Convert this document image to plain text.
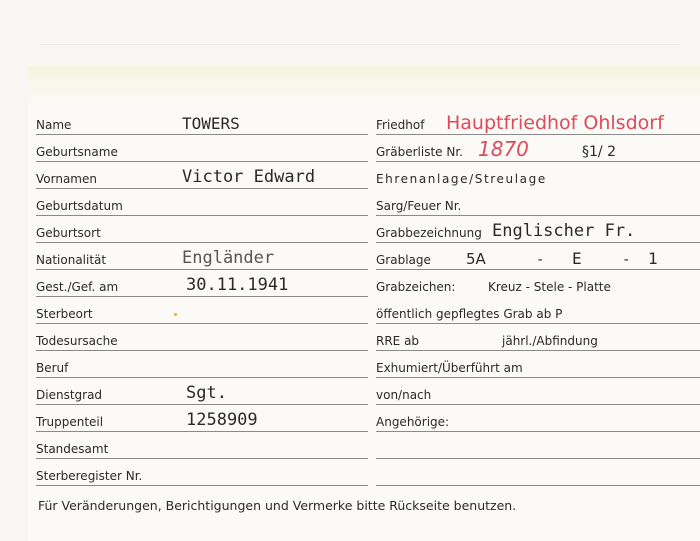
Name	TOWERS
Geburtsname
Vornamen	Victor Edward
Geburtsdatum
Geburtsort
Nationalität	Engländer
Gest./Gef. am	30.11.1941
Sterbeort
Todesursache
Beruf
Dienstgrad	Sgt.
Truppenteil	1258909
Standesamt
Sterberegister Nr.
Friedhof Hauptfriedhof Ohlsdorf
Gräberliste Nr. 1870	§1/ 2
Ehrenanlage/Streulage
Sarg/Feuer Nr.
Grabbezeichnung Englischer Fr.
Grablage 5A	- E	- 1
Grabzeichen:	Kreuz - Stele - Platte
öffentlich gepflegtes Grab ab P
RRE ab	jährl./Abfindung
Exhumiert/Überführt am
von/nach
Angehörige:
Für Veränderungen, Berichtigungen und Vermerke bitte Rückseite benutzen.
